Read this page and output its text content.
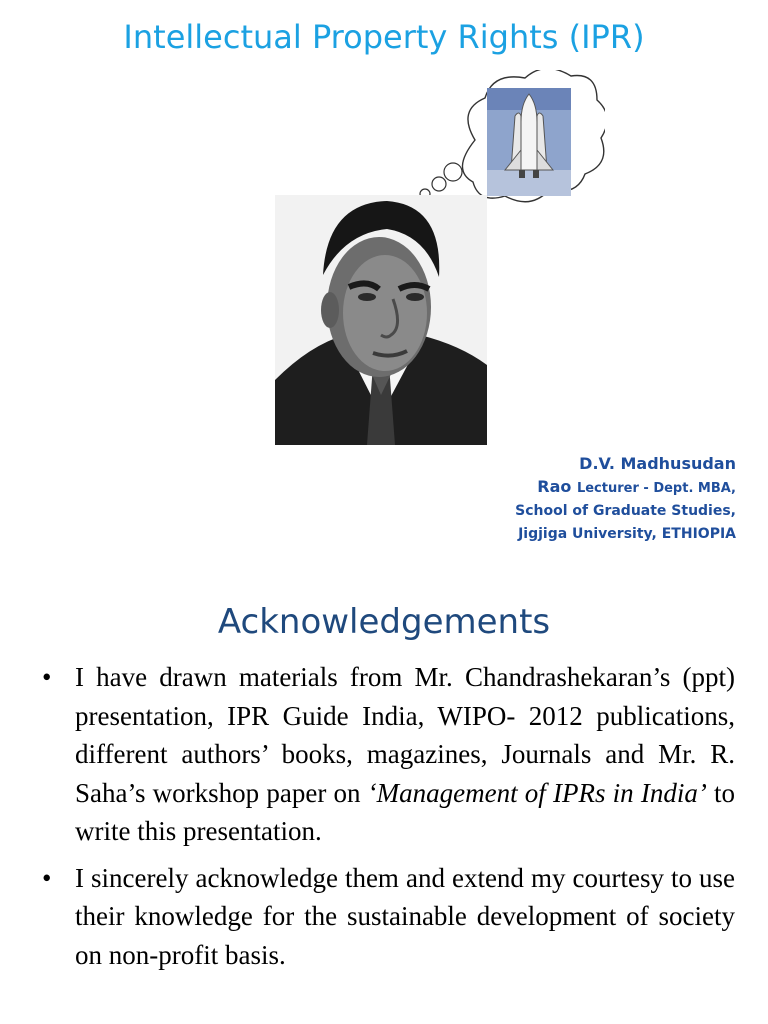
Intellectual Property Rights (IPR)
D.V. Madhusudan
Rao Lecturer - Dept. MBA,
School of Graduate Studies,
Jigjiga University, ETHIOPIA
Acknowledgements
• I have drawn materials from Mr. Chandrashekaran’s (ppt) presentation, IPR Guide India, WIPO- 2012 publications, different authors’ books, magazines, Journals and Mr. R. Saha’s workshop paper on ‘Management of IPRs in India’ to write this presentation.
• I sincerely acknowledge them and extend my courtesy to use their knowledge for the sustainable development of society on non-profit basis.
